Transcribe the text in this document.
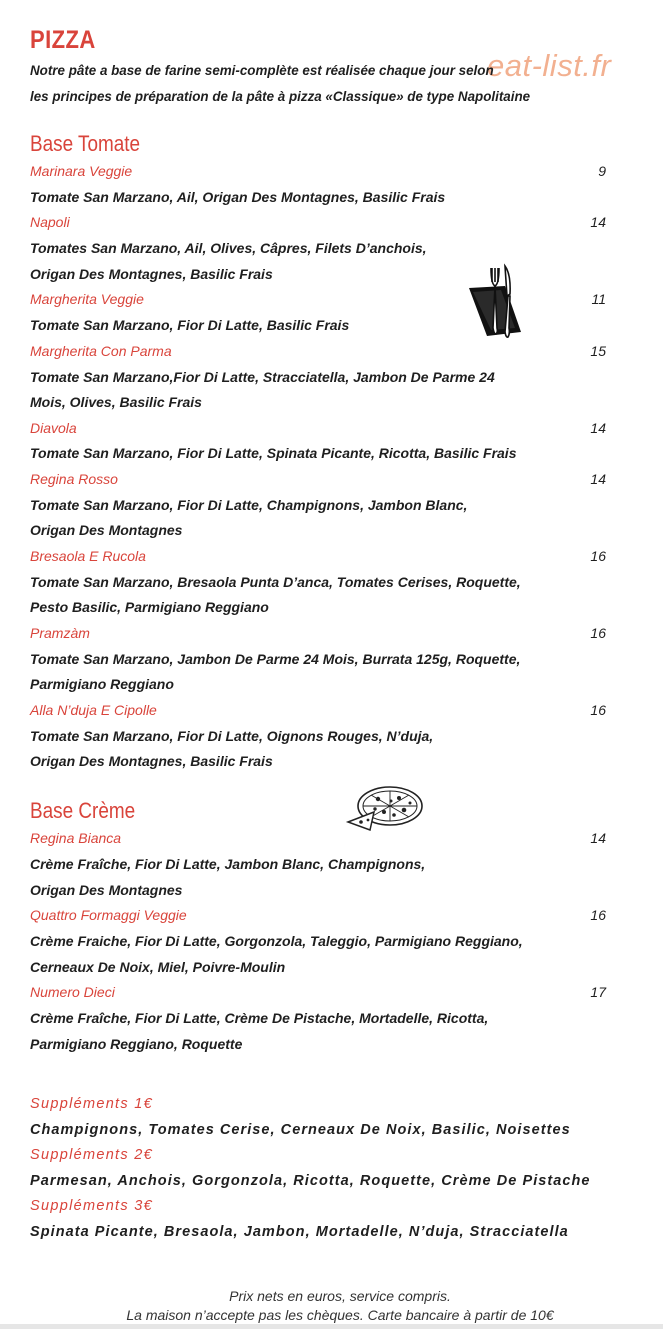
PIZZA
eat-list.fr
Notre pâte a base de farine semi-complète est réalisée chaque jour selon
les principes de préparation de la pâte à pizza «Classique» de type Napolitaine
Base Tomate
Marinara Veggie	9
Tomate San Marzano, Ail, Origan Des Montagnes, Basilic Frais
Napoli	14
Tomates San Marzano, Ail, Olives, Câpres, Filets D’anchois,
Origan Des Montagnes, Basilic Frais
Margherita Veggie	11
Tomate San Marzano, Fior Di Latte, Basilic Frais
Margherita Con Parma	15
Tomate San Marzano,Fior Di Latte, Stracciatella, Jambon De Parme 24
Mois, Olives, Basilic Frais
Diavola	14
Tomate San Marzano, Fior Di Latte, Spinata Picante, Ricotta, Basilic Frais
Regina Rosso	14
Tomate San Marzano, Fior Di Latte, Champignons, Jambon Blanc,
Origan Des Montagnes
Bresaola E Rucola	16
Tomate San Marzano, Bresaola Punta D’anca, Tomates Cerises, Roquette,
Pesto Basilic, Parmigiano Reggiano
Pramzàm	16
Tomate San Marzano, Jambon De Parme 24 Mois, Burrata 125g, Roquette,
Parmigiano Reggiano
Alla N’duja E Cipolle	16
Tomate San Marzano, Fior Di Latte, Oignons Rouges, N’duja,
Origan Des Montagnes, Basilic Frais
Base Crème
Regina Bianca	14
Crème Fraîche, Fior Di Latte, Jambon Blanc, Champignons,
Origan Des Montagnes
Quattro Formaggi Veggie	16
Crème Fraiche, Fior Di Latte, Gorgonzola, Taleggio, Parmigiano Reggiano,
Cerneaux De Noix, Miel, Poivre-Moulin
Numero Dieci	17
Crème Fraîche, Fior Di Latte, Crème De Pistache, Mortadelle, Ricotta,
Parmigiano Reggiano, Roquette
Suppléments 1€
Champignons, Tomates Cerise, Cerneaux De Noix, Basilic, Noisettes
Suppléments 2€
Parmesan, Anchois, Gorgonzola, Ricotta, Roquette, Crème De Pistache
Suppléments 3€
Spinata Picante, Bresaola, Jambon, Mortadelle, N’duja, Stracciatella
Prix nets en euros, service compris.
La maison n’accepte pas les chèques. Carte bancaire à partir de 10€
